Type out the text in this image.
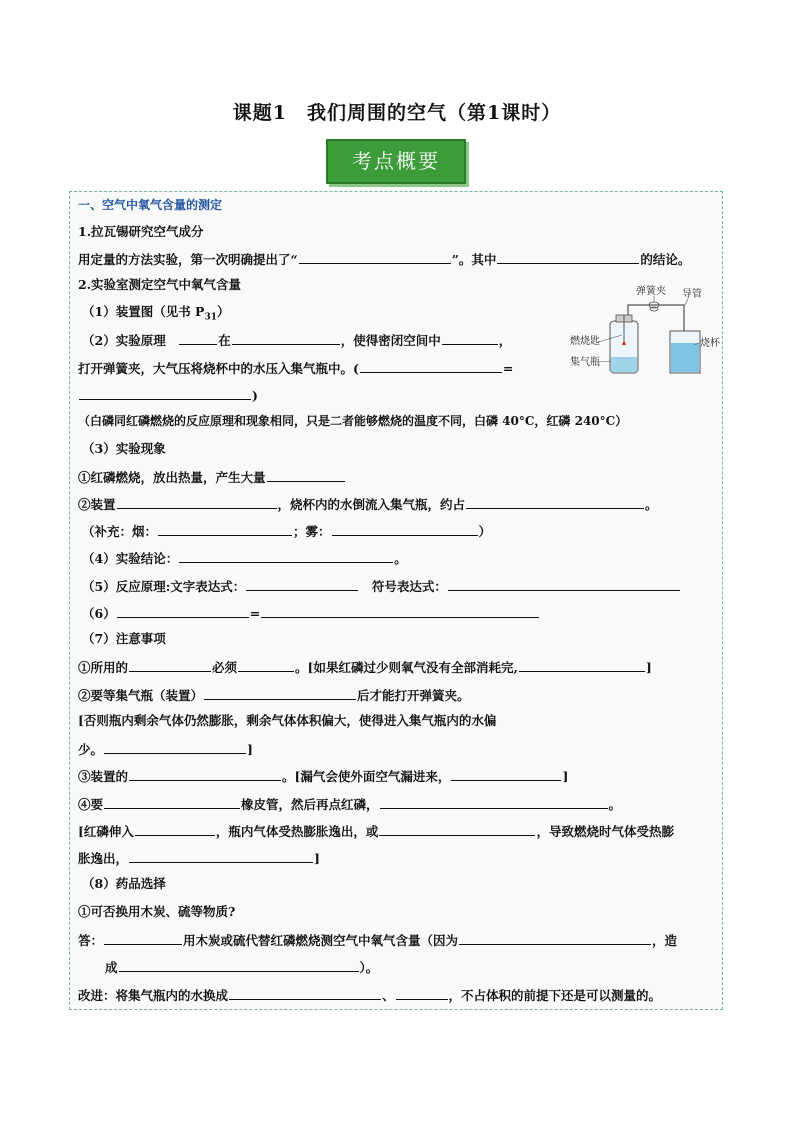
课题1　我们周围的空气（第1课时）
考点概要
一、空气中氧气含量的测定
1.拉瓦锡研究空气成分
用定量的方法实验，第一次明确提出了“	”。其中	的结论。
2.实验室测定空气中氧气含量
（1）装置图（见书 $P_{31}$）
（2）实验原理　	在	，使得密闭空间中	，
打开弹簧夹，大气压将烧杯中的水压入集气瓶中。(	=
)
（白磷同红磷燃烧的反应原理和现象相同，只是二者能够燃烧的温度不同，白磷 40°C，红磷 240°C）
（3）实验现象
①红磷燃烧，放出热量，产生大量
②装置	，烧杯内的水倒流入集气瓶，约占	。
（补充：烟：	；雾：	）
（4）实验结论：	。
（5）反应原理:文字表达式：　	符号表达式：
（6）	=
（7）注意事项
①所用的	必须	。[如果红磷过少则氧气没有全部消耗完,	]
②要等集气瓶（装置）	后才能打开弹簧夹。
[否则瓶内剩余气体仍然膨胀，剩余气体体积偏大，使得进入集气瓶内的水偏
少。	]
③装置的	。[漏气会使外面空气漏进来，	]
④要	橡皮管，然后再点红磷，	。
[红磷伸入	，瓶内气体受热膨胀逸出，或	，导致燃烧时气体受热膨
胀逸出，	]
（8）药品选择
①可否换用木炭、硫等物质?
答：	用木炭或硫代替红磷燃烧测空气中氧气含量（因为	，造
成	）。
改进：将集气瓶内的水换成	、	，不占体积的前提下还是可以测量的。
弹簧夹 导管
燃烧匙
集气瓶
烧杯
